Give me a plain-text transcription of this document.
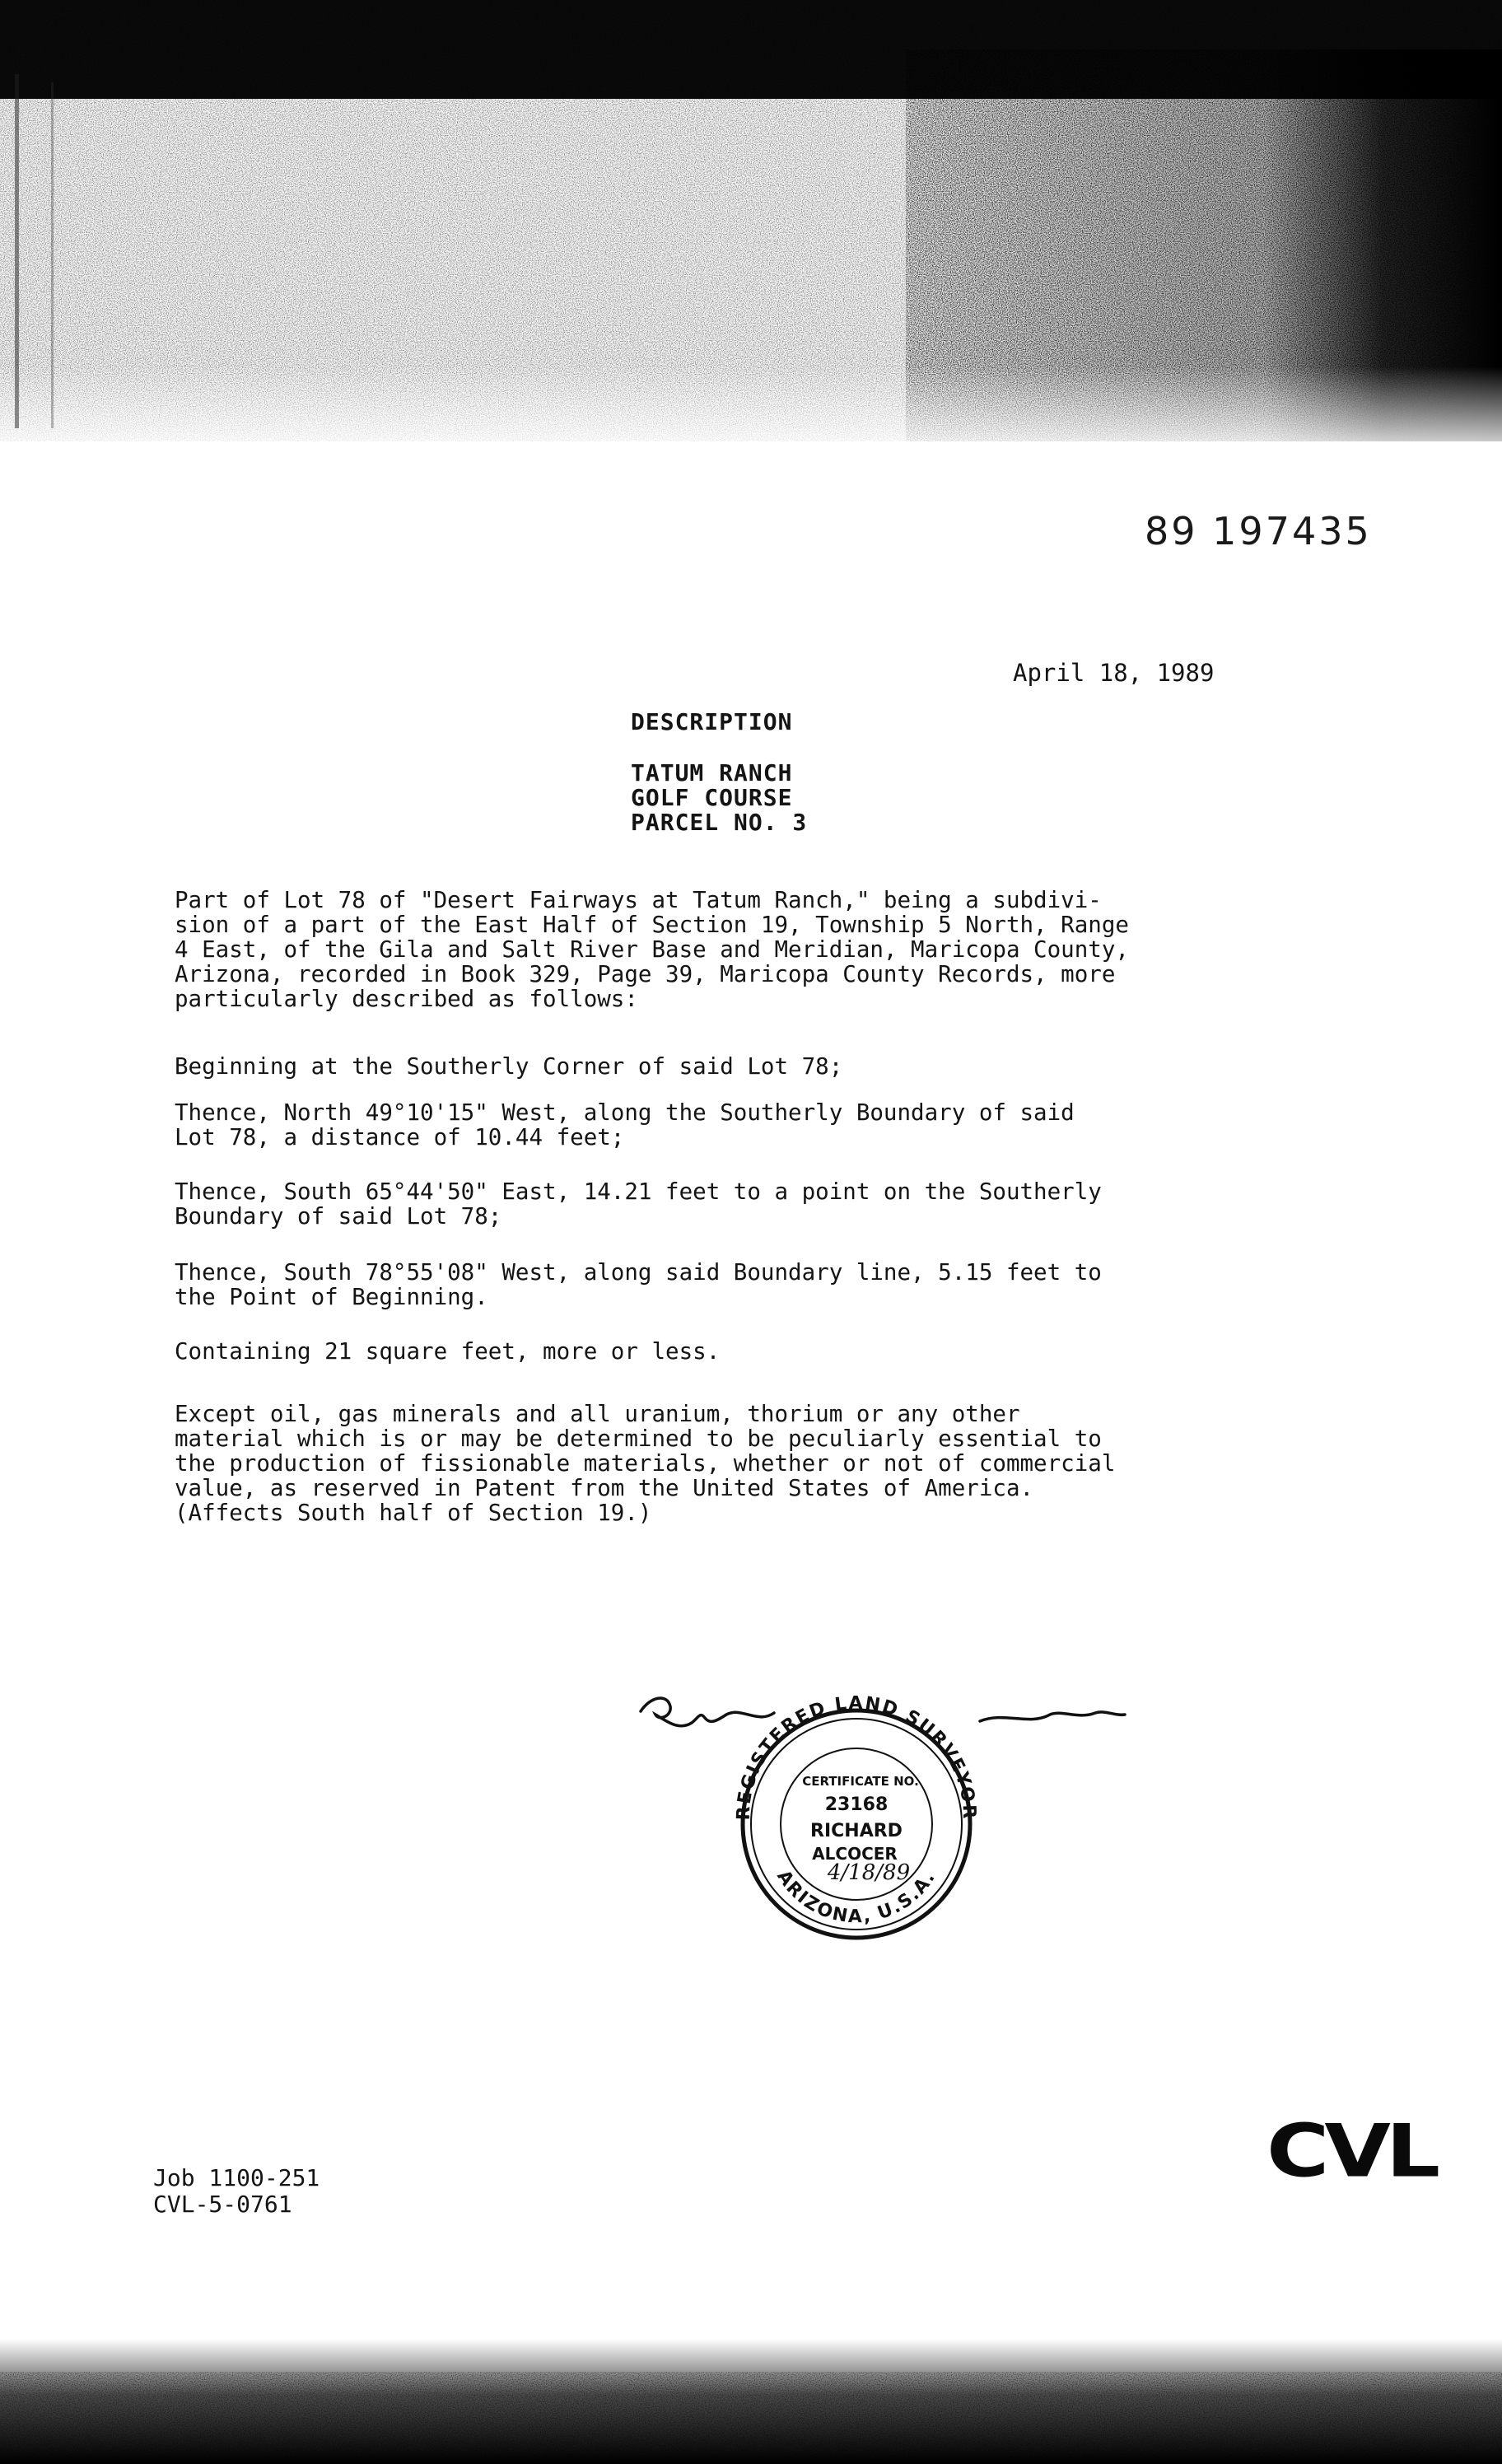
89 197435
April 18, 1989
DESCRIPTION
TATUM RANCH
GOLF COURSE
PARCEL NO. 3

Part of Lot 78 of "Desert Fairways at Tatum Ranch," being a subdivi-
sion of a part of the East Half of Section 19, Township 5 North, Range
4 East, of the Gila and Salt River Base and Meridian, Maricopa County,
Arizona, recorded in Book 329, Page 39, Maricopa County Records, more
particularly described as follows:

Beginning at the Southerly Corner of said Lot 78;

Thence, North 49°10'15" West, along the Southerly Boundary of said
Lot 78, a distance of 10.44 feet;

Thence, South 65°44'50" East, 14.21 feet to a point on the Southerly
Boundary of said Lot 78;

Thence, South 78°55'08" West, along said Boundary line, 5.15 feet to
the Point of Beginning.

Containing 21 square feet, more or less.

Except oil, gas minerals and all uranium, thorium or any other
material which is or may be determined to be peculiarly essential to
the production of fissionable materials, whether or not of commercial
value, as reserved in Patent from the United States of America.
(Affects South half of Section 19.)

REGISTERED LAND SURVEYOR
ARIZONA, U.S.A.
CERTIFICATE NO.
23168
RICHARD
ALCOCER
4/18/89
CVL
Job 1100-251
CVL-5-0761
